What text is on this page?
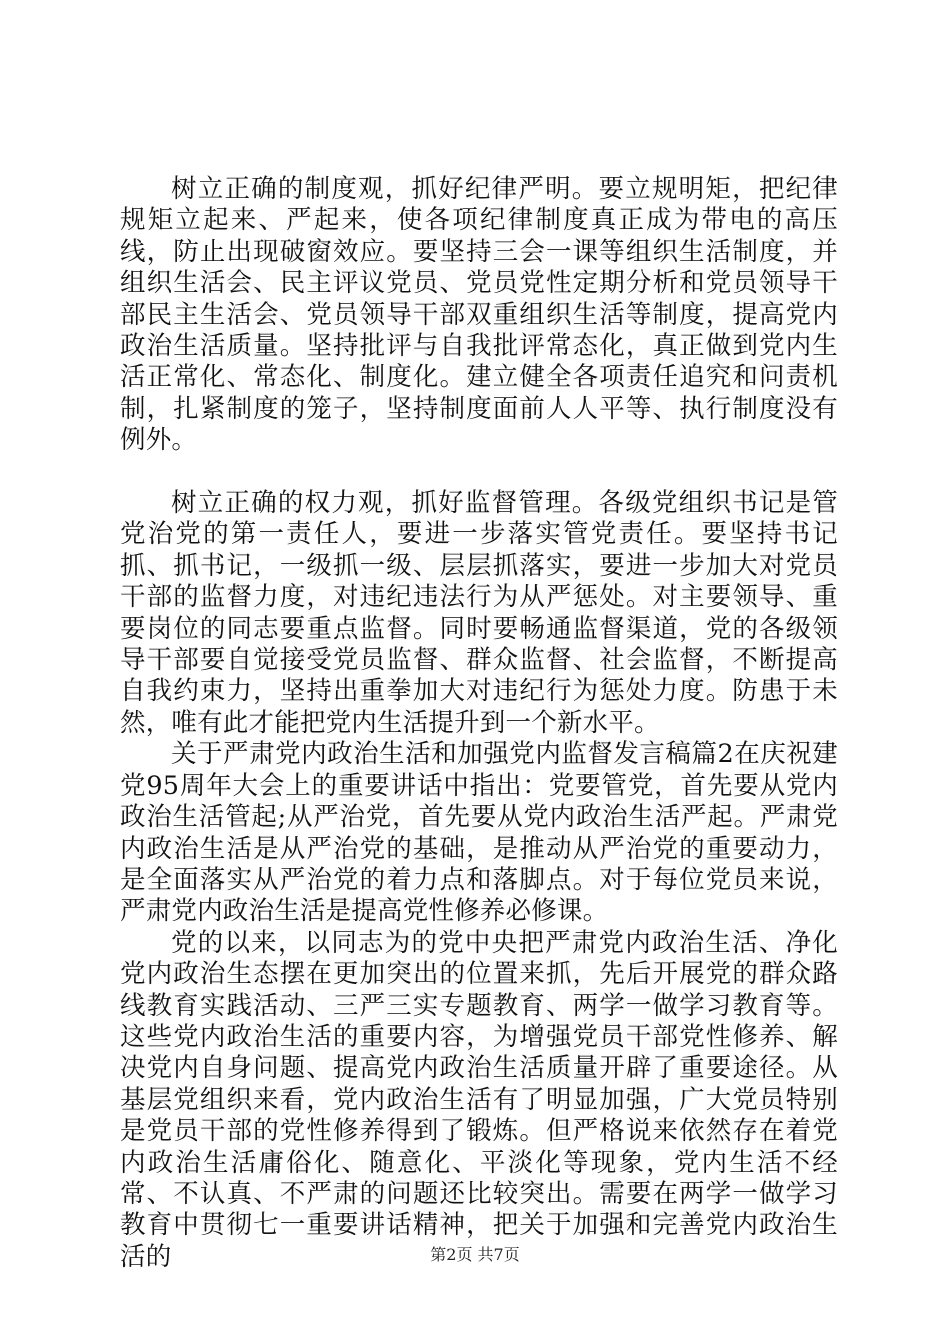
树立正确的制度观，抓好纪律严明。要立规明矩，把纪律规矩立起来、严起来，使各项纪律制度真正成为带电的高压线，防止出现破窗效应。要坚持三会一课等组织生活制度，并组织生活会、民主评议党员、党员党性定期分析和党员领导干部民主生活会、党员领导干部双重组织生活等制度，提高党内政治生活质量。坚持批评与自我批评常态化，真正做到党内生活正常化、常态化、制度化。建立健全各项责任追究和问责机制，扎紧制度的笼子，坚持制度面前人人平等、执行制度没有例外。

树立正确的权力观，抓好监督管理。各级党组织书记是管党治党的第一责任人，要进一步落实管党责任。要坚持书记抓、抓书记，一级抓一级、层层抓落实，要进一步加大对党员干部的监督力度，对违纪违法行为从严惩处。对主要领导、重要岗位的同志要重点监督。同时要畅通监督渠道，党的各级领导干部要自觉接受党员监督、群众监督、社会监督，不断提高自我约束力，坚持出重拳加大对违纪行为惩处力度。防患于未然，唯有此才能把党内生活提升到一个新水平。

关于严肃党内政治生活和加强党内监督发言稿篇2在庆祝建党95周年大会上的重要讲话中指出：党要管党，首先要从党内政治生活管起;从严治党，首先要从党内政治生活严起。严肃党内政治生活是从严治党的基础，是推动从严治党的重要动力，是全面落实从严治党的着力点和落脚点。对于每位党员来说，严肃党内政治生活是提高党性修养必修课。

党的以来，以同志为的党中央把严肃党内政治生活、净化党内政治生态摆在更加突出的位置来抓，先后开展党的群众路线教育实践活动、三严三实专题教育、两学一做学习教育等。这些党内政治生活的重要内容，为增强党员干部党性修养、解决党内自身问题、提高党内政治生活质量开辟了重要途径。从基层党组织来看，党内政治生活有了明显加强，广大党员特别是党员干部的党性修养得到了锻炼。但严格说来依然存在着党内政治生活庸俗化、随意化、平淡化等现象，党内生活不经常、不认真、不严肃的问题还比较突出。需要在两学一做学习教育中贯彻七一重要讲话精神，把关于加强和完善党内政治生活的	第2页 共7页
